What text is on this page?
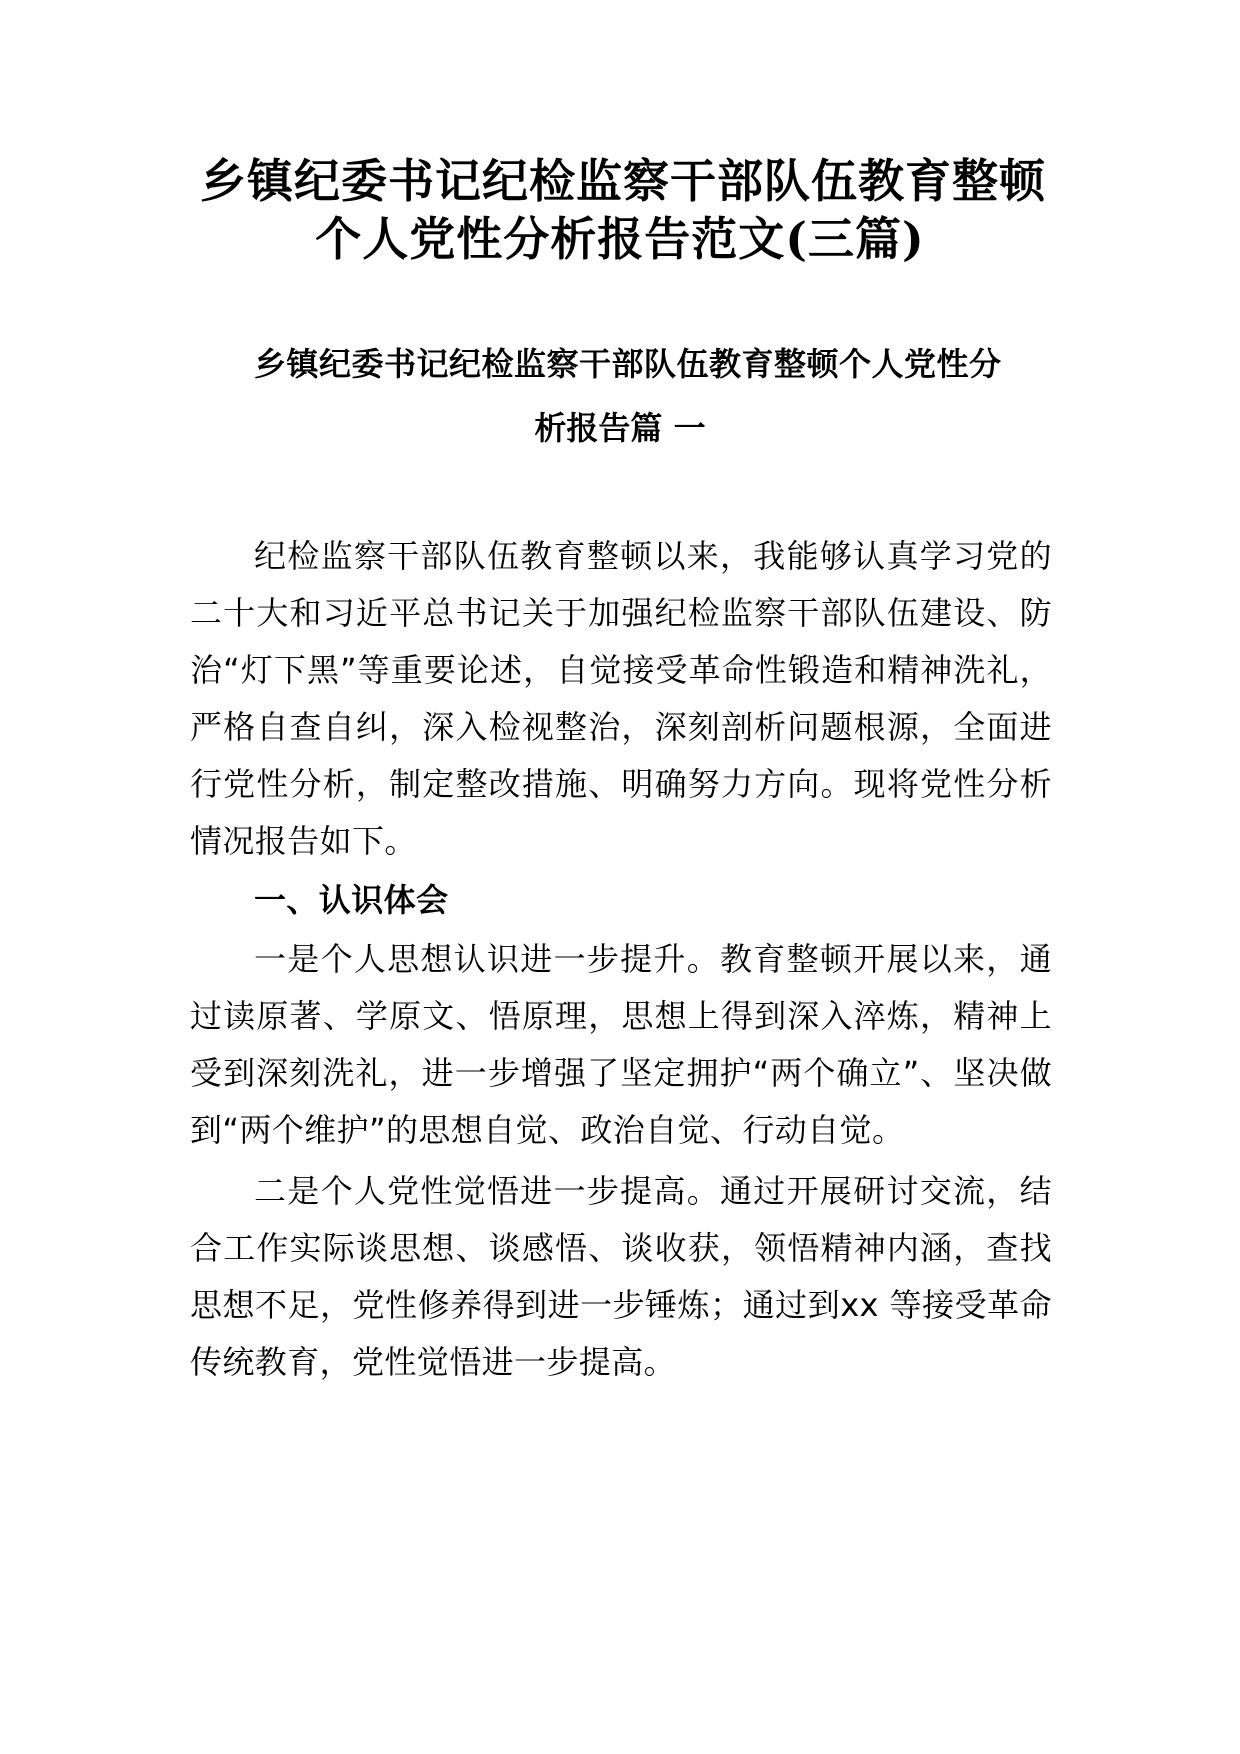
乡镇纪委书记纪检监察干部队伍教育整顿
个人党性分析报告范文(三篇)
乡镇纪委书记纪检监察干部队伍教育整顿个人党性分
析报告篇 一

纪检监察干部队伍教育整顿以来，我能够认真学习党的二十大和习近平总书记关于加强纪检监察干部队伍建设、防治“灯下黑”等重要论述，自觉接受革命性锻造和精神洗礼，严格自查自纠，深入检视整治，深刻剖析问题根源，全面进行党性分析，制定整改措施、明确努力方向。现将党性分析情况报告如下。

一、认识体会

一是个人思想认识进一步提升。教育整顿开展以来，通过读原著、学原文、悟原理，思想上得到深入淬炼，精神上受到深刻洗礼，进一步增强了坚定拥护“两个确立”、坚决做到“两个维护”的思想自觉、政治自觉、行动自觉。

二是个人党性觉悟进一步提高。通过开展研讨交流，结合工作实际谈思想、谈感悟、谈收获，领悟精神内涵，查找思想不足，党性修养得到进一步锤炼；通过到xx 等接受革命传统教育，党性觉悟进一步提高。
